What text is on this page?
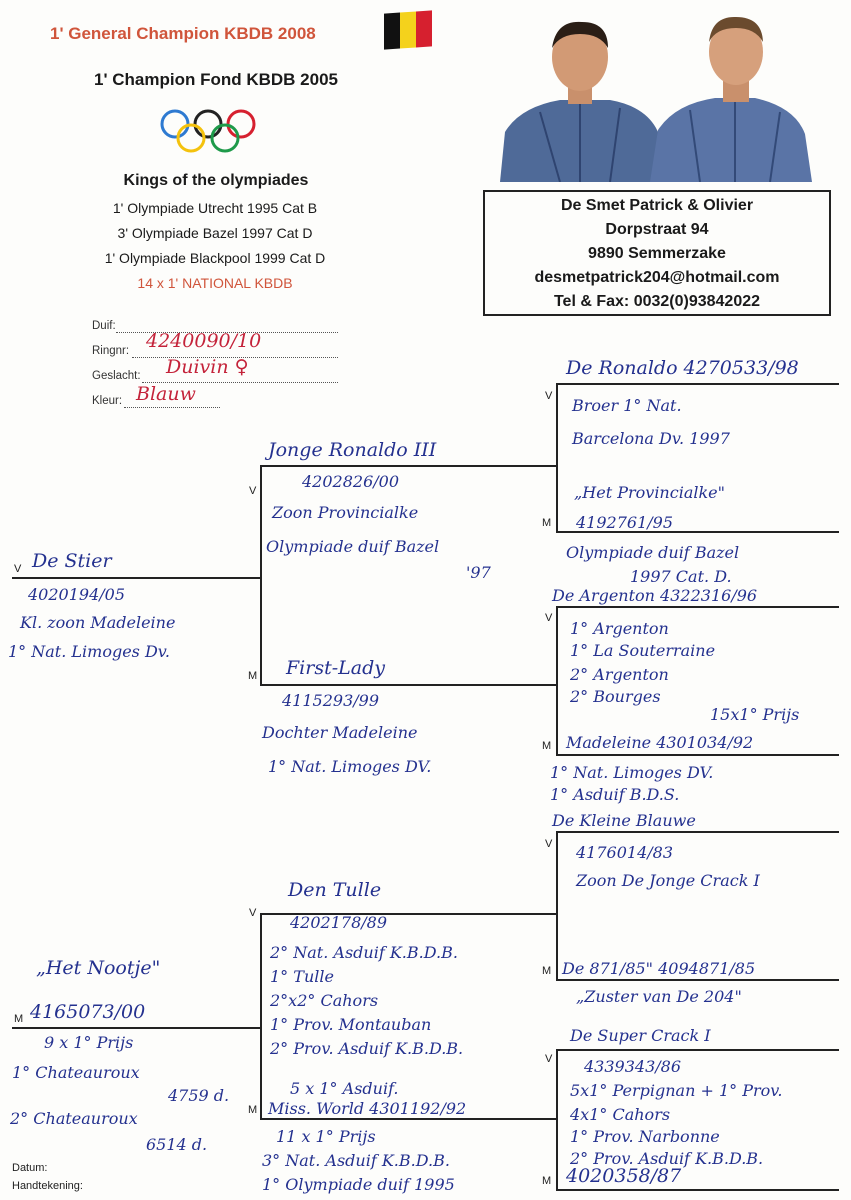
1' General Champion KBDB 2008
1' Champion Fond KBDB 2005
Kings of the olympiades
1' Olympiade Utrecht 1995 Cat B
3' Olympiade Bazel 1997 Cat D
1' Olympiade Blackpool 1999 Cat D
14 x 1' NATIONAL KBDB
De Smet Patrick & Olivier
Dorpstraat 94
9890 Semmerzake
desmetpatrick204@hotmail.com
Tel & Fax: 0032(0)93842022
Duif:
Ringnr: 4240090/10
Geslacht: Duivin ♀
Kleur: Blauw
V
M
V
M
V
M
V
M
V
M
V
M
V
M
De Stier
4020194/05
Kl. zoon Madeleine
1° Nat. Limoges Dv.
„Het Nootje"
4165073/00
9 x 1° Prijs
1° Chateauroux
4759 d.
2° Chateauroux
6514 d.
Jonge Ronaldo III
4202826/00
Zoon Provincialke
Olympiade duif Bazel
'97
First-Lady
4115293/99
Dochter Madeleine
1° Nat. Limoges DV.
Den Tulle
4202178/89
2° Nat. Asduif K.B.D.B.
1° Tulle
2°x2° Cahors
1° Prov. Montauban
2° Prov. Asduif K.B.D.B.
5 x 1° Asduif.
Miss. World 4301192/92
11 x 1° Prijs
3° Nat. Asduif K.B.D.B.
1° Olympiade duif 1995
De Ronaldo 4270533/98
Broer 1° Nat.
Barcelona Dv. 1997
„Het Provincialke"
4192761/95
Olympiade duif Bazel
1997 Cat. D.
De Argenton 4322316/96
1° Argenton
1° La Souterraine
2° Argenton
2° Bourges
15x1° Prijs
Madeleine 4301034/92
1° Nat. Limoges DV.
1° Asduif B.D.S.
De Kleine Blauwe
4176014/83
Zoon De Jonge Crack I
De 871/85" 4094871/85
„Zuster van De 204"
De Super Crack I
4339343/86
5x1° Perpignan + 1° Prov.
4x1° Cahors
1° Prov. Narbonne
2° Prov. Asduif K.B.D.B.
4020358/87
Datum:
Handtekening:
